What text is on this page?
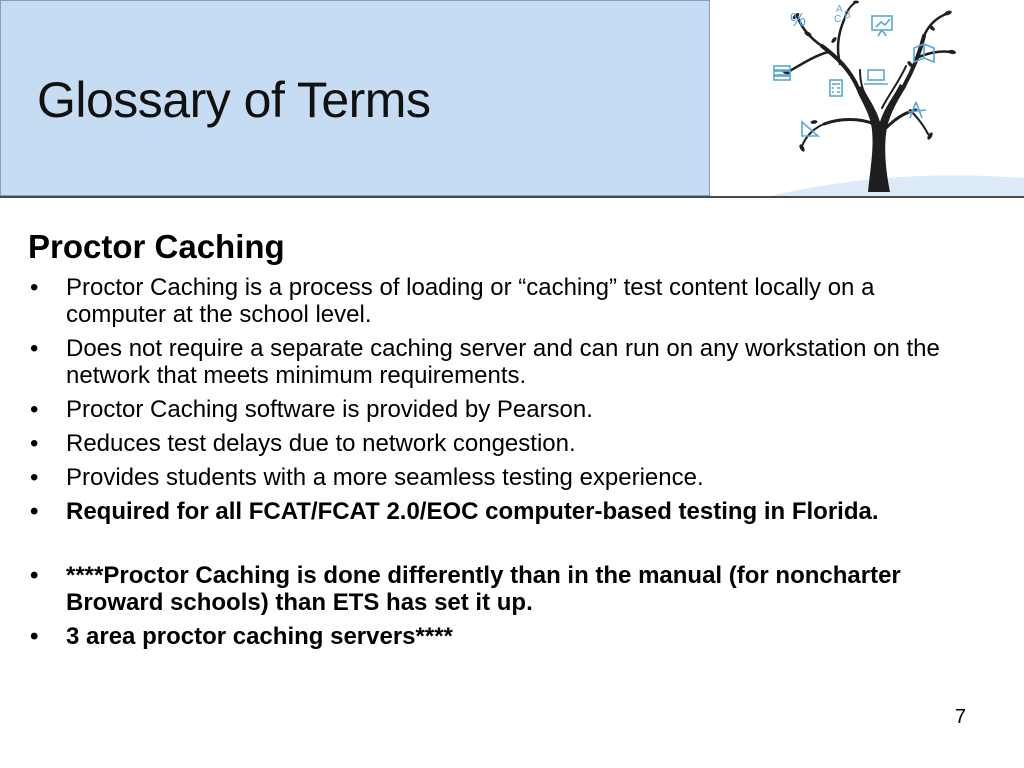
Glossary of Terms
%
A
C B
Proctor Caching
• Proctor Caching is a process of loading or “caching” test content locally on a computer at the school level.
• Does not require a separate caching server and can run on any workstation on the network that meets minimum requirements.
• Proctor Caching software is provided by Pearson.
• Reduces test delays due to network congestion.
• Provides students with a more seamless testing experience.
• Required for all FCAT/FCAT 2.0/EOC computer-based testing in Florida.
• ****Proctor Caching is done differently than in the manual (for noncharter Broward schools) than ETS has set it up.
• 3 area proctor caching servers****
7
